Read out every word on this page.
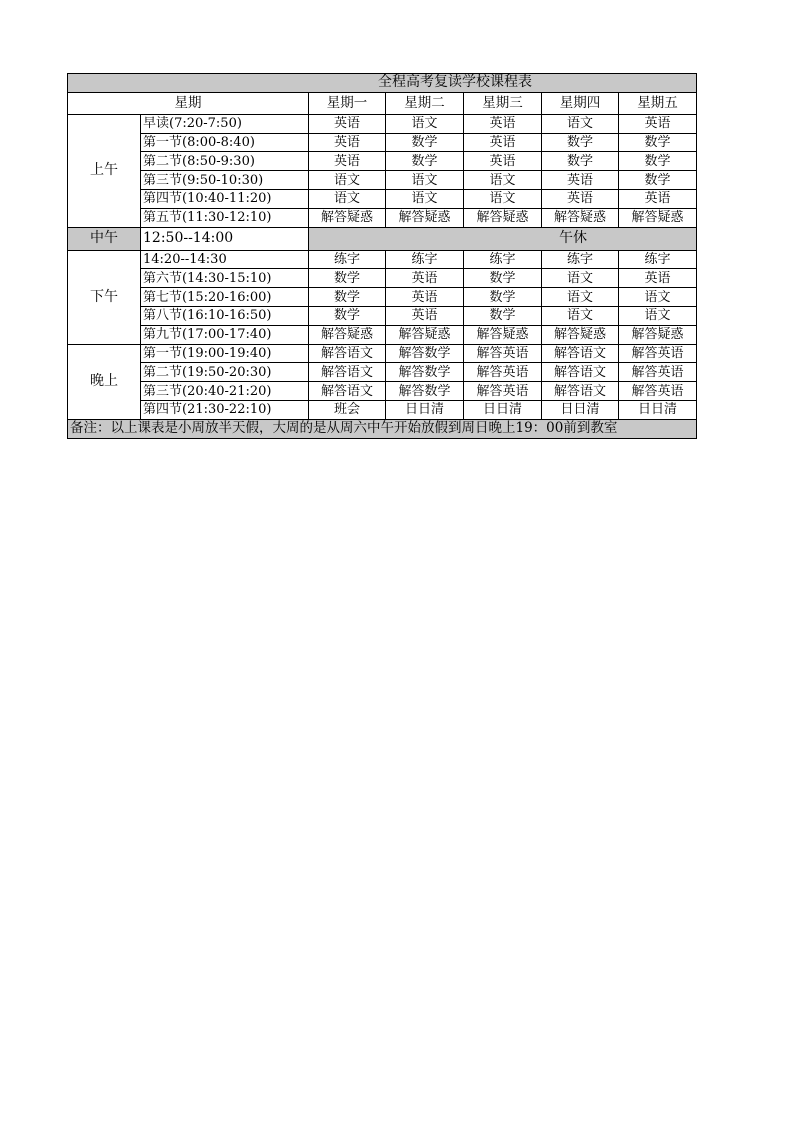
全程高考复读学校课程表						
星期		星期一	星期二	星期三	星期四	星期五
上午	早读(7:20-7:50)	英语	语文	英语	语文	英语
	第一节(8:00-8:40)	英语	数学	英语	数学	数学
	第二节(8:50-9:30)	英语	数学	英语	数学	数学
	第三节(9:50-10:30)	语文	语文	语文	英语	数学
	第四节(10:40-11:20)	语文	语文	语文	英语	英语
	第五节(11:30-12:10)	解答疑惑	解答疑惑	解答疑惑	解答疑惑	解答疑惑
中午	12:50--14:00	午休				
下午	14:20--14:30	练字	练字	练字	练字	练字
	第六节(14:30-15:10)	数学	英语	数学	语文	英语
	第七节(15:20-16:00)	数学	英语	数学	语文	语文
	第八节(16:10-16:50)	数学	英语	数学	语文	语文
	第九节(17:00-17:40)	解答疑惑	解答疑惑	解答疑惑	解答疑惑	解答疑惑
晚上	第一节(19:00-19:40)	解答语文	解答数学	解答英语	解答语文	解答英语
	第二节(19:50-20:30)	解答语文	解答数学	解答英语	解答语文	解答英语
	第三节(20:40-21:20)	解答语文	解答数学	解答英语	解答语文	解答英语
	第四节(21:30-22:10)	班会	日日清	日日清	日日清	日日清
备注：以上课表是小周放半天假，大周的是从周六中午开始放假到周日晚上19：00前到教室						
